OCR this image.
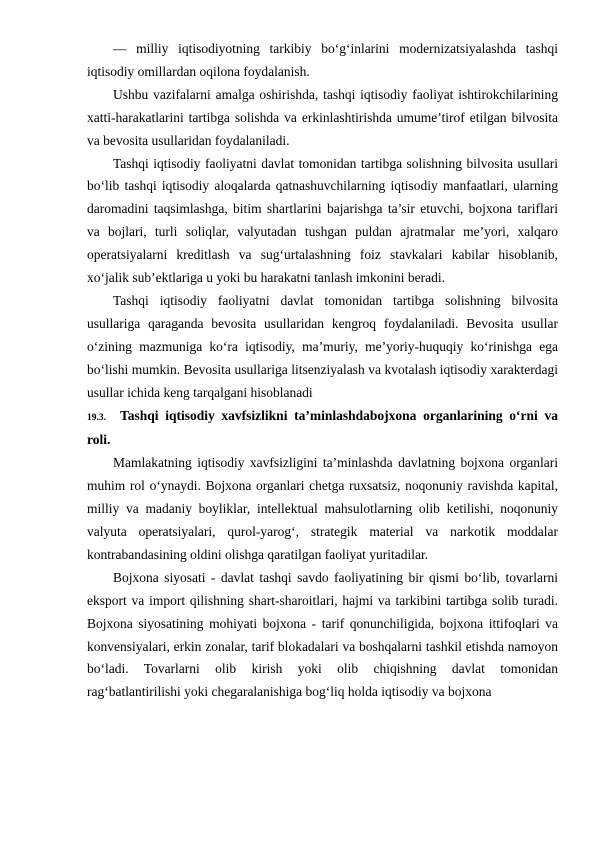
— milliy iqtisodiyotning tarkibiy bo‘g‘inlarini modernizatsiyalashda tashqi iqtisodiy omillardan oqilona foydalanish.

Ushbu vazifalarni amalga oshirishda, tashqi iqtisodiy faoliyat ishtirokchilarining xatti-harakatlarini tartibga solishda va erkinlashtirishda umume’tirof etilgan bilvosita va bevosita usullaridan foydalaniladi.

Tashqi iqtisodiy faoliyatni davlat tomonidan tartibga solishning bilvosita usullari bo‘lib tashqi iqtisodiy aloqalarda qatnashuvchilarning iqtisodiy manfaatlari, ularning daromadini taqsimlashga, bitim shartlarini bajarishga ta’sir etuvchi, bojxona tariflari va bojlari, turli soliqlar, valyutadan tushgan puldan ajratmalar me’yori, xalqaro operatsiyalarni kreditlash va sug‘urtalashning foiz stavkalari kabilar hisoblanib, xo‘jalik sub’ektlariga u yoki bu harakatni tanlash imkonini beradi.

Tashqi iqtisodiy faoliyatni davlat tomonidan tartibga solishning bilvosita usullariga qaraganda bevosita usullaridan kengroq foydalaniladi. Bevosita usullar o‘zining mazmuniga ko‘ra iqtisodiy, ma’muriy, me’yoriy-huquqiy ko‘rinishga ega bo‘lishi mumkin. Bevosita usullariga litsenziyalash va kvotalash iqtisodiy xarakterdagi usullar ichida keng tarqalgani hisoblanadi

19.3. Tashqi iqtisodiy xavfsizlikni ta’minlashdabojxona organlarining o‘rni va roli.

Mamlakatning iqtisodiy xavfsizligini ta’minlashda davlatning bojxona organlari muhim rol o‘ynaydi. Bojxona organlari chetga ruxsatsiz, noqonuniy ravishda kapital, milliy va madaniy boyliklar, intellektual mahsulotlarning olib ketilishi, noqonuniy valyuta operatsiyalari, qurol-yarog‘, strategik material va narkotik moddalar kontrabandasining oldini olishga qaratilgan faoliyat yuritadilar.

Bojxona siyosati - davlat tashqi savdo faoliyatining bir qismi bo‘lib, tovarlarni eksport va import qilishning shart-sharoitlari, hajmi va tarkibini tartibga solib turadi. Bojxona siyosatining mohiyati bojxona - tarif qonunchiligida, bojxona ittifoqlari va konvensiyalari, erkin zonalar, tarif blokadalari va boshqalarni tashkil etishda namoyon bo‘ladi. Tovarlarni olib kirish yoki olib chiqishning davlat tomonidan rag‘batlantirilishi yoki chegaralanishiga bog‘liq holda iqtisodiy va bojxona
